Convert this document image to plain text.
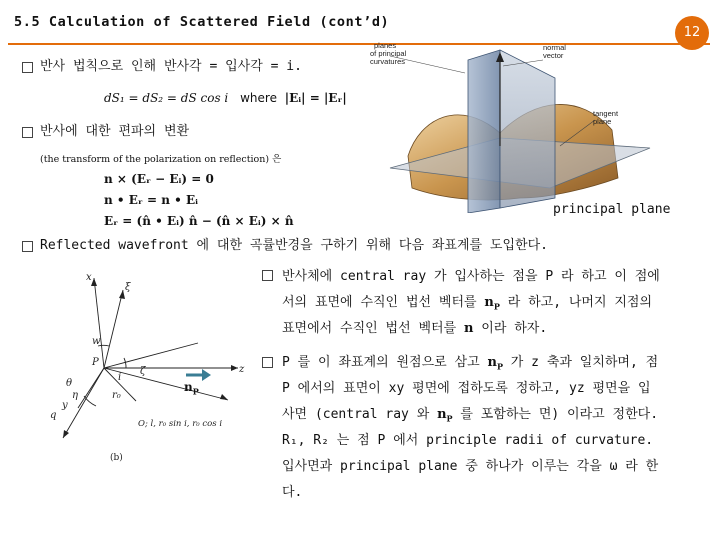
5.5 Calculation of Scattered Field (cont’d)
12
반사 법칙으로 인해 반사각 = 입사각 = i.
dS₁ = dS₂ = dS cos i where |Eᵢ| = |Eᵣ|
반사에 대한 편파의 변환
(the transform of the polarization on reflection) 은
n × (Eᵣ − Eᵢ) = 0
n • Eᵣ = n • Eᵢ
Eᵣ = (n̂ • Eᵢ) n̂ − (n̂ × Eᵢ) × n̂
planes of principal curvatures
normal vector
tangent plane
principal plane
Reflected wavefront 에 대한 곡률반경을 구하기 위해 다음 좌표계를 도입한다.
z
x
ξ
w
ζ
P
i
r₀
y
q
η
θ
O; l, r₀ sin i, r₀ cos i
(b)
$n_P$
반사체에 central ray 가 입사하는 점을 P 라 하고 이 점에
서의 표면에 수직인 법선 벡터를 $n_P$ 라 하고, 나머지 지점의
표면에서 수직인 법선 벡터를 n 이라 하자.
P 를 이 좌표계의 원점으로 삼고 $n_P$ 가 z 축과 일치하며, 점
P 에서의 표면이 xy 평면에 접하도록 정하고, yz 평면을 입
사면 (central ray 와 $n_P$ 를 포함하는 면) 이라고 정한다.
R₁, R₂ 는 점 P 에서 principle radii of curvature.
입사면과 principal plane 중 하나가 이루는 각을 ω 라 한
다.
